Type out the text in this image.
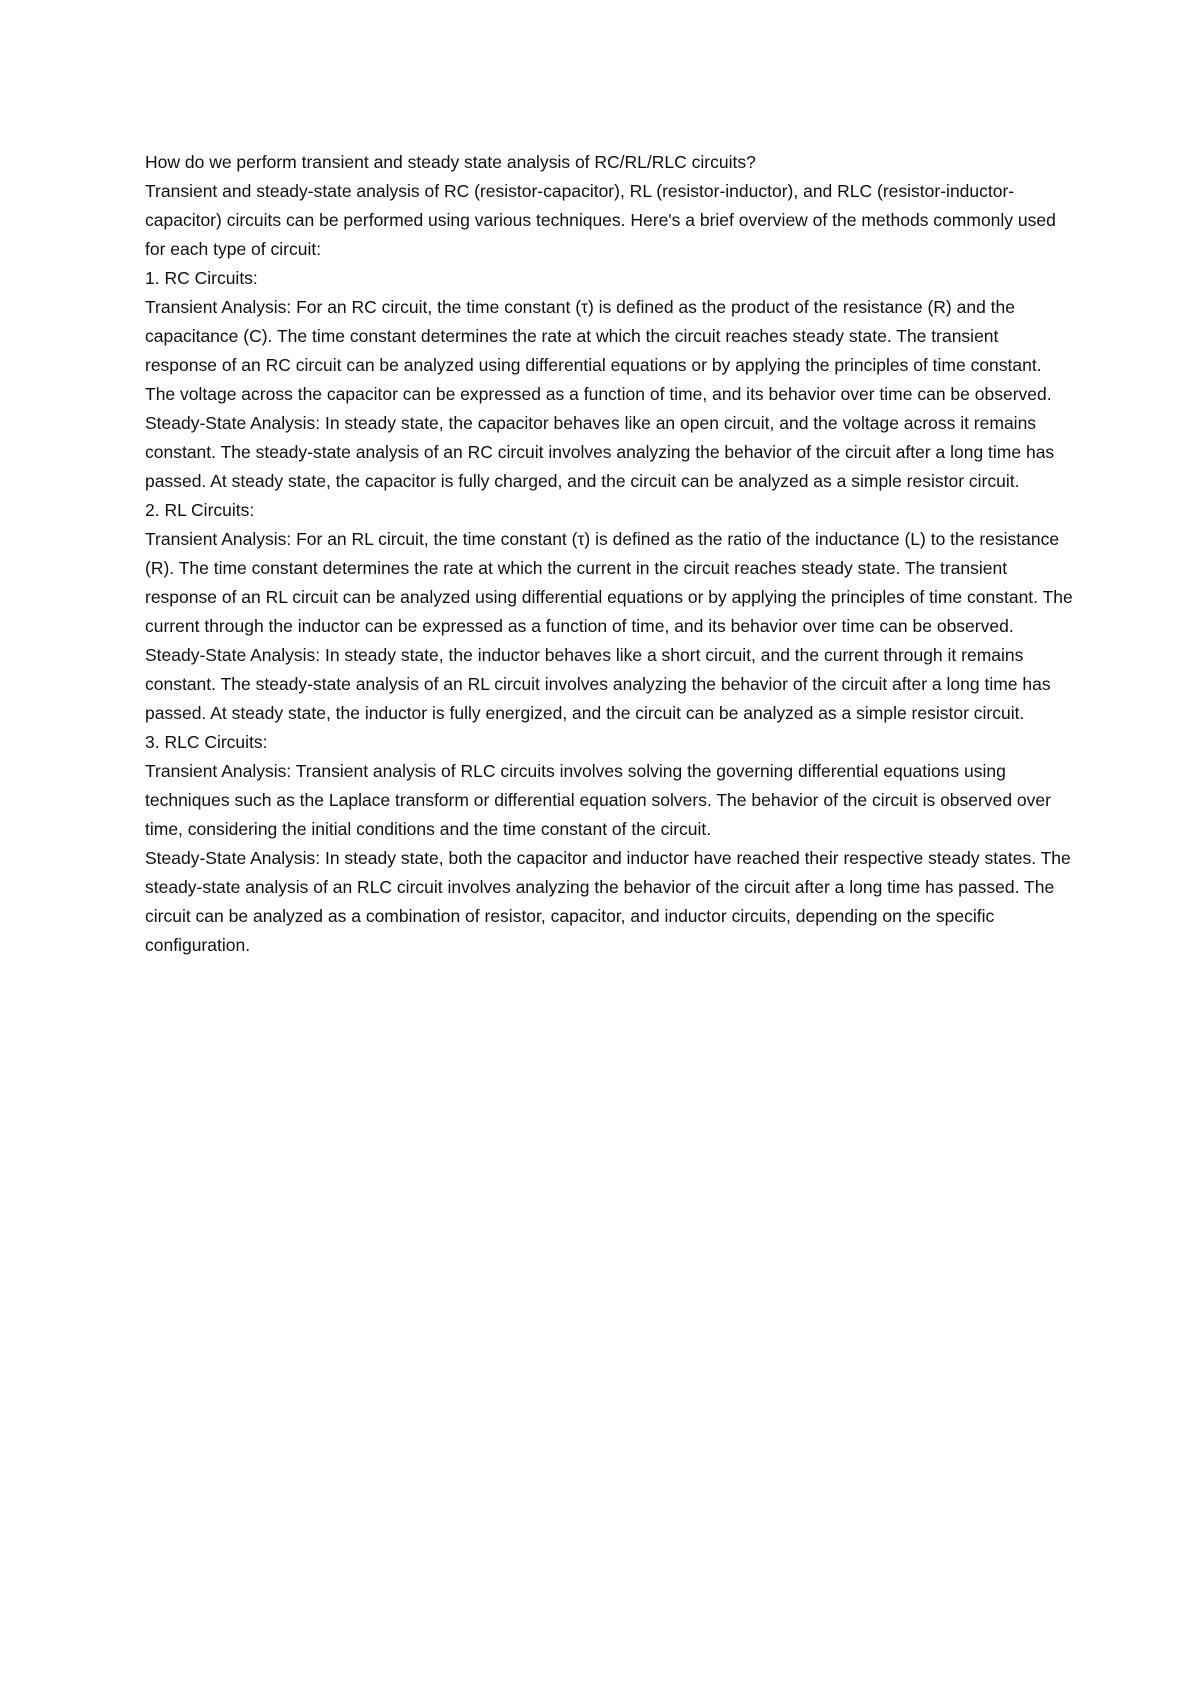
How do we perform transient and steady state analysis of RC/RL/RLC circuits?

Transient and steady-state analysis of RC (resistor-capacitor), RL (resistor-inductor), and RLC (resistor-inductor-capacitor) circuits can be performed using various techniques. Here's a brief overview of the methods commonly used for each type of circuit:

1. RC Circuits:

Transient Analysis: For an RC circuit, the time constant (τ) is defined as the product of the resistance (R) and the capacitance (C). The time constant determines the rate at which the circuit reaches steady state. The transient response of an RC circuit can be analyzed using differential equations or by applying the principles of time constant. The voltage across the capacitor can be expressed as a function of time, and its behavior over time can be observed.

Steady-State Analysis: In steady state, the capacitor behaves like an open circuit, and the voltage across it remains constant. The steady-state analysis of an RC circuit involves analyzing the behavior of the circuit after a long time has passed. At steady state, the capacitor is fully charged, and the circuit can be analyzed as a simple resistor circuit.

2. RL Circuits:

Transient Analysis: For an RL circuit, the time constant (τ) is defined as the ratio of the inductance (L) to the resistance (R). The time constant determines the rate at which the current in the circuit reaches steady state. The transient response of an RL circuit can be analyzed using differential equations or by applying the principles of time constant. The current through the inductor can be expressed as a function of time, and its behavior over time can be observed.

Steady-State Analysis: In steady state, the inductor behaves like a short circuit, and the current through it remains constant. The steady-state analysis of an RL circuit involves analyzing the behavior of the circuit after a long time has passed. At steady state, the inductor is fully energized, and the circuit can be analyzed as a simple resistor circuit.

3. RLC Circuits:

Transient Analysis: Transient analysis of RLC circuits involves solving the governing differential equations using techniques such as the Laplace transform or differential equation solvers. The behavior of the circuit is observed over time, considering the initial conditions and the time constant of the circuit.

Steady-State Analysis: In steady state, both the capacitor and inductor have reached their respective steady states. The steady-state analysis of an RLC circuit involves analyzing the behavior of the circuit after a long time has passed. The circuit can be analyzed as a combination of resistor, capacitor, and inductor circuits, depending on the specific configuration.
